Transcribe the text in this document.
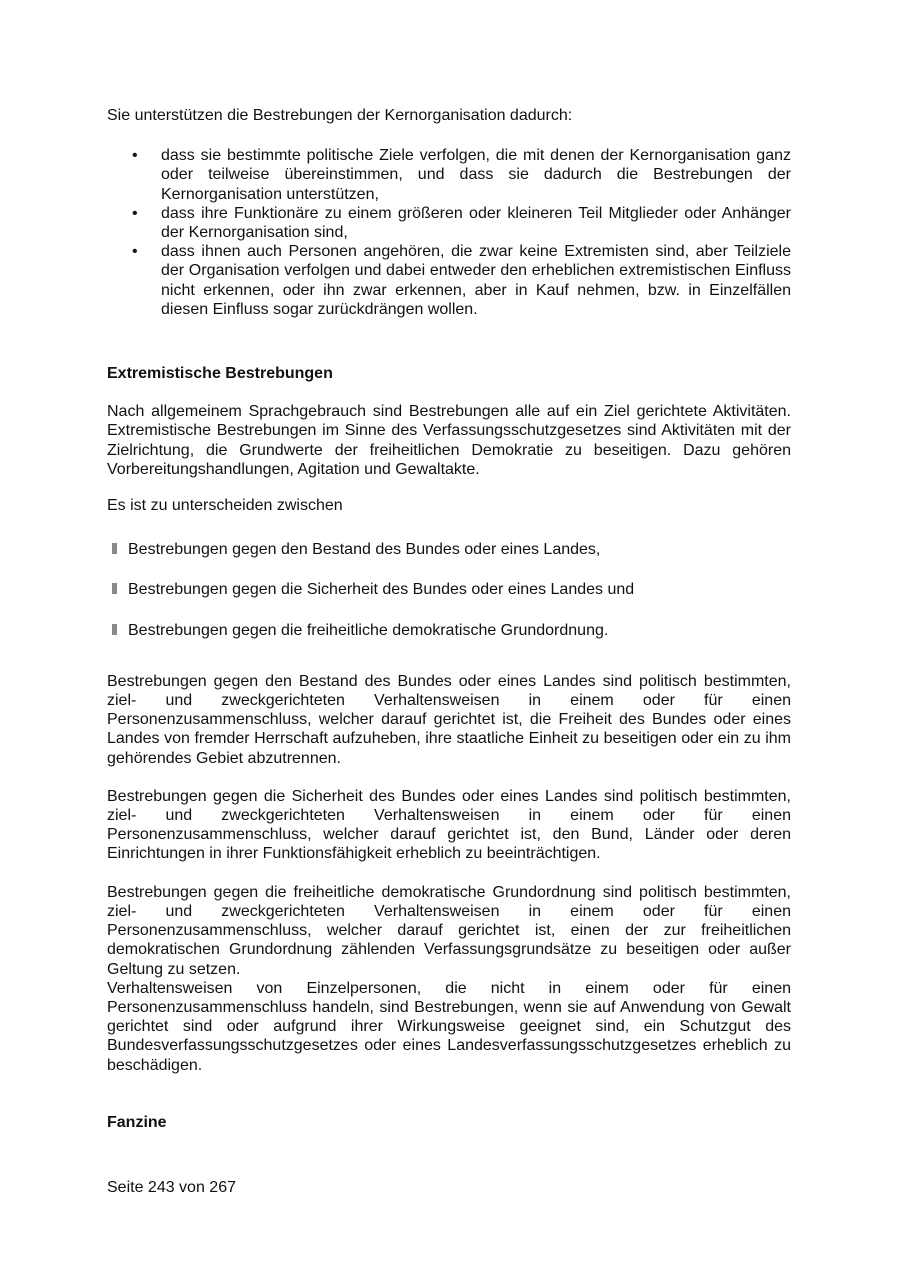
Sie unterstützen die Bestrebungen der Kernorganisation dadurch:

• dass sie bestimmte politische Ziele verfolgen, die mit denen der Kernorganisation ganz oder teilweise übereinstimmen, und dass sie dadurch die Bestrebungen der Kernorganisation unterstützen,
• dass ihre Funktionäre zu einem größeren oder kleineren Teil Mitglieder oder Anhänger der Kernorganisation sind,
• dass ihnen auch Personen angehören, die zwar keine Extremisten sind, aber Teilziele der Organisation verfolgen und dabei entweder den erheblichen extremistischen Einfluss nicht erkennen, oder ihn zwar erkennen, aber in Kauf nehmen, bzw. in Einzelfällen diesen Einfluss sogar zurückdrängen wollen.
Extremistische Bestrebungen

Nach allgemeinem Sprachgebrauch sind Bestrebungen alle auf ein Ziel gerichtete Aktivitäten. Extremistische Bestrebungen im Sinne des Verfassungsschutzgesetzes sind Aktivitäten mit der Zielrichtung, die Grundwerte der freiheitlichen Demokratie zu beseitigen. Dazu gehören Vorbereitungshandlungen, Agitation und Gewaltakte.

Es ist zu unterscheiden zwischen

Bestrebungen gegen den Bestand des Bundes oder eines Landes,
Bestrebungen gegen die Sicherheit des Bundes oder eines Landes und
Bestrebungen gegen die freiheitliche demokratische Grundordnung.

Bestrebungen gegen den Bestand des Bundes oder eines Landes sind politisch bestimmten, ziel- und zweckgerichteten Verhaltensweisen in einem oder für einen Personenzusammenschluss, welcher darauf gerichtet ist, die Freiheit des Bundes oder eines Landes von fremder Herrschaft aufzuheben, ihre staatliche Einheit zu beseitigen oder ein zu ihm gehörendes Gebiet abzutrennen.

Bestrebungen gegen die Sicherheit des Bundes oder eines Landes sind politisch bestimmten, ziel- und zweckgerichteten Verhaltensweisen in einem oder für einen Personenzusammenschluss, welcher darauf gerichtet ist, den Bund, Länder oder deren Einrichtungen in ihrer Funktionsfähigkeit erheblich zu beeinträchtigen.

Bestrebungen gegen die freiheitliche demokratische Grundordnung sind politisch bestimmten, ziel- und zweckgerichteten Verhaltensweisen in einem oder für einen Personenzusammenschluss, welcher darauf gerichtet ist, einen der zur freiheitlichen demokratischen Grundordnung zählenden Verfassungsgrundsätze zu beseitigen oder außer Geltung zu setzen.

Verhaltensweisen von Einzelpersonen, die nicht in einem oder für einen Personenzusammenschluss handeln, sind Bestrebungen, wenn sie auf Anwendung von Gewalt gerichtet sind oder aufgrund ihrer Wirkungsweise geeignet sind, ein Schutzgut des Bundesverfassungsschutzgesetzes oder eines Landesverfassungsschutzgesetzes erheblich zu beschädigen.

Fanzine
Seite 243 von 267
